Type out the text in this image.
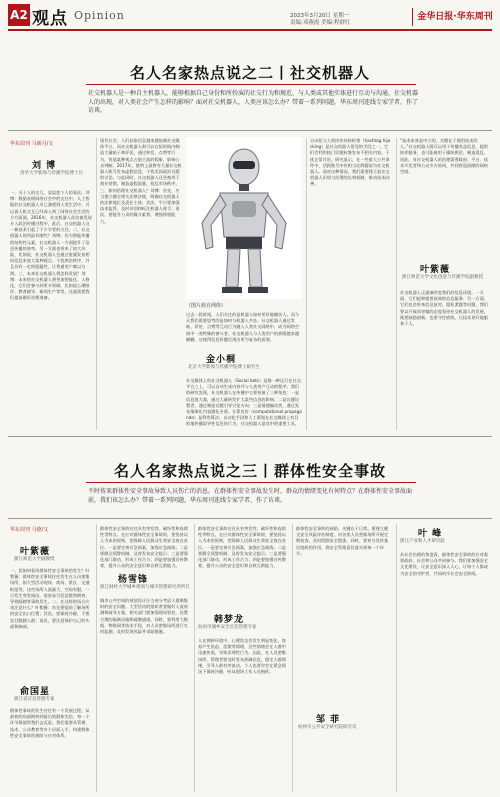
A2 观点 Opinion	2023年3月20日 星期一
责编:邓燕霞 美编:程群红
金华日报·华东周刊
名人名家热点说之二丨社交机器人
社交机器人是一种自主机器人，能够根据自己身份和所扮演的社交行为和规范，与人类或其他实体进行互动与沟通。社交机器人的出现，对人类社会产生怎样的影响？面对社交机器人，人类应该怎么办？带着一系列问题，华东周刊连线专家学者，作了访谈。
华东周刊 马新月/文
刘 博
清华大学新闻与传播学院博士后
一、关于人机交互，谈谈您个人的看法。刘博：数据表明网络社会中的交往中，人工智能的社交机器人早已渗透到人类生活中，可以说人机交互已经深入到了网络社会生活的方方面面。2016年，社交机器人首次被发现介入政治传播过程中，此后，社交机器人这一新技术引起了不少学者的关注。二、社交机器人的风险有哪些？刘博：作为智能传播的结构性元素，社交机器人一方面提升了信息传播的效率，另一方面也带来了较大风险，比如说，社交机器人会通过批量发布相同信息来放大某种观点，干扰舆论秩序，并且具有一定的隐蔽性，让普通用户难以分辨。三、未来社交机器人将怎样发展？刘博：未来的社交机器人将更加智能化、人格化，它们会参与到更多领域，比如说心理陪伴、教育辅导、新闻生产等等，这就需要我们提前做好治理准备。
现代社会，人们获取信息越来越依赖社交媒体平台，而社交机器人则可以在短时间内制造大量帖子和评论，通过转发、点赞等行为，营造某种观点占据主流的假象，影响公众判断。2017年，推特上就曾有大量社交机器人账号发布虚假信息，干扰美国政治议题的讨论。与此同时，社交机器人还会被用于商业营销、制造虚假流量，扰乱市场秩序。三、如何治理社交机器人？刘博：首先，应当建立健全相关法律法规，明确社交机器人的法律地位及责任主体；其次，平台要加强技术监管，及时识别和标注机器人账号；再次，要提升公众的媒介素养，增强辨别能力。
（图片源自网络）
过去一段时间，人们关注的是机器人如何更好地模仿人，而今天我们需要思考的是如何与机器人共处。社交机器人通过发帖、评论、点赞等互动行为融入人类社交网络中，成为网络空间中一类特殊的参与者。社交机器人与人类用户的界限越来越模糊，这使得信息传播呈现出更为复杂的面貌。
金小桐
北京大学新闻与传播学院博士研究生
社交媒体上的社交机器人（Social bots）是指一种运行在社交平台之上、可以自动生成内容并与人类用户互动的程序。我们的研究发现，社交机器人在传播中主要扮演了三种角色：一是信息放大器，通过大量转发扩大某些信息的影响；二是议题设置者，通过制造话题引导讨论方向；三是情感煽动者，通过发布情绪化内容激化矛盾。计算宣传（computational propaganda）是利用算法、自动化手段和人工策划在社交媒体上有目的地传播误导性信息的行为，社交机器人是其中的重要工具。
自动化与人机协作劫持标签（hashtag hijacking）是社交机器人常见的手段之一，它们会利用热门话题标签发布不相关内容，干扰正常讨论。研究显示，在一些重大公共事件中，活跃账号中有相当比例疑似为社交机器人。面对这种情况，我们需要建立起社交机器人识别与治理的长效机制，推动技术向善。
“技术本身是中立的，关键在于使用技术的人。”社交机器人既可以用于传播有益信息、提供陪伴服务，也可能被用于操纵舆论、制造混乱。因此，对社交机器人的治理需要政府、平台、技术开发者和公众多方协同，共同营造清朗的网络空间。
叶紫薇
浙江师范大学文化创意与传播学院副教授
社交机器人正逐渐改变我们的信息环境。一方面，它们能够提供高效的信息服务；另一方面，它们也会带来信息茧房、隐私泄露等问题。我们要以开放而审慎的态度看待社交机器人的发展，既要鼓励创新，也要守住底线，让技术更好地服务于人。
名人名家热点说之三丨群体性安全事故
不时传来群体性安全事故导致人员伤亡的消息。在群体性安全事故发生时，群众的情绪变化有何特点？在群体性安全事故面前，我们该怎么办？带着一系列问题，华东周刊连线专家学者，作了访谈。
华东周刊 马德/文
叶紫薇
浙江师范大学副教授
一、您如何看待群体性安全事故的发生？叶紫薇：群体性安全事故往往发生在人员密集场所，如大型活动现场、商场、景区、交通枢纽等。这些场所人流量大、空间有限，一旦发生突发情况，很容易引发恐慌和拥挤，导致踩踏等事故发生。二、在这样的场合应该注意什么？叶紫薇：首先要提前了解场所的安全出口位置；其次，要保持冷静，不要盲目跟随人群；再次，要注意保护自己的头部和胸部。
俞国星
浙江省应急管理专家
群体性事故的发生往往有一个发展过程，从最初的局部拥挤到最后的群体失控，每一个环节都值得我们去反思。我们需要从管理、技术、公众教育等多个层面入手，构建群体性安全事故的预防与应对体系。
杨雪锋
浙江财经大学城乡规划与城市管理研究所所长
群体性安全事故往往具有突发性、破坏性和连锁性等特点。在应对群体性安全事故时，要坚持以人为本的原则，把保障人民群众生命安全放在首位。一是要完善应急预案，加强应急演练；二是要健全预警机制，及时发布安全提示；三是要强化部门联动，形成工作合力；四是要加强宣传教育，提升公众的安全意识和自救互救能力。
城市公共空间的规划设计应当充分考虑人群聚集时的安全问题。大型活动的组织者要做好人流预测和疏导方案，相关部门要加强现场管控，设置合理的隔离设施和疏散通道。同时，要利用大数据、物联网等技术手段，对人员密集场所进行实时监测，及时发现风险并采取措施。
韩梦龙
杭州市城乡安全应急管理专家
群体性安全事故往往具有突发性、破坏性和连锁性等特点。在应对群体性安全事故时，要坚持以人为本的原则，把保障人民群众生命安全放在首位。一是要完善应急预案，加强应急演练；二是要健全预警机制，及时发布安全提示；三是要强化部门联动，形成工作合力；四是要加强宣传教育，提升公众的安全意识和自救互救能力。
人在拥挤环境中，心理状态会发生明显变化，容易产生焦虑、恐慌等情绪，这些情绪会在人群中迅速传染，导致非理性行为。因此，在人员密集场所，管理者要及时发布准确信息，稳定人群情绪，引导人群有序流动。个人也要学会在紧急情况下保持冷静，听从现场工作人员指挥。
群体性安全事故的预防，关键在于日常。要建立健全安全风险评估制度，对各类人员密集场所开展定期检查，及时消除安全隐患。同时，要充分发挥基层组织的作用，将安全管理责任落实到每一个环节。
邹 菲
杭州市公共安全研究院研究员
叶 峰
浙江产业和人才研究院
从社会治理的角度看，群体性安全事故的应对需要政府、社会和公众共同参与。我们要加强安全文化建设，让安全意识深入人心，让每个人都成为安全的守护者，共同筑牢社会安全防线。
